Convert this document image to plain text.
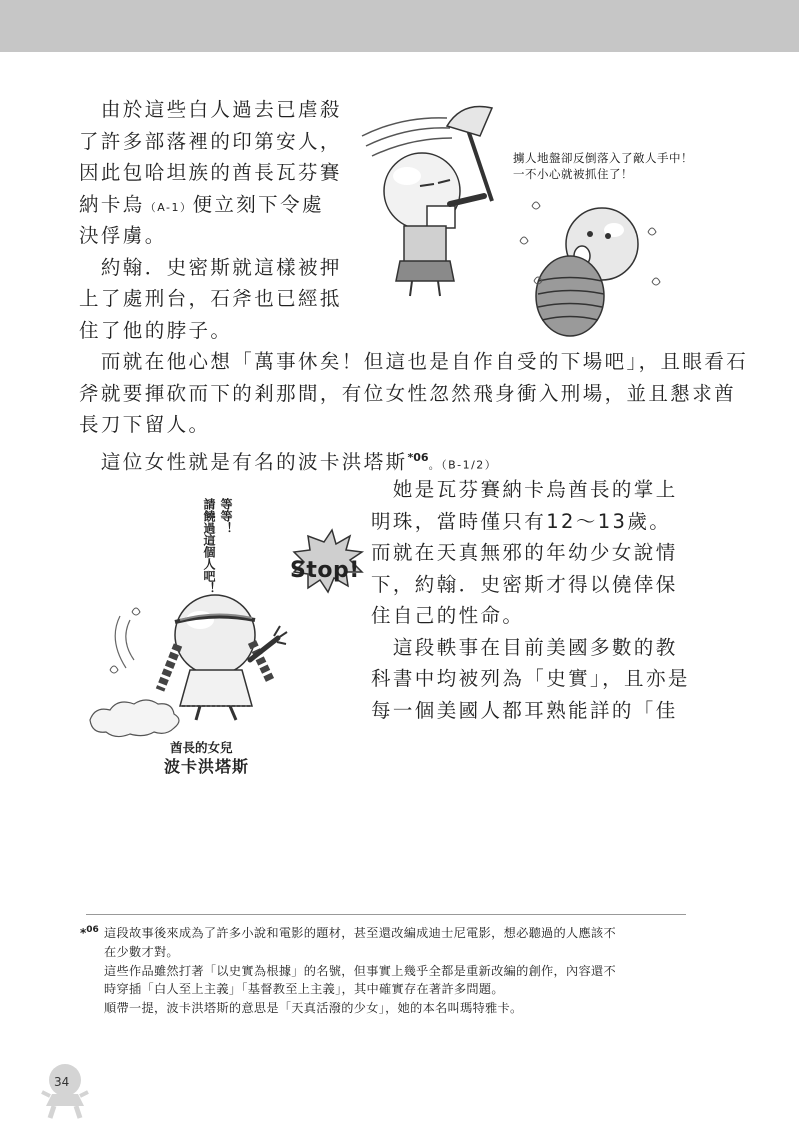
　由於這些白人過去已虐殺

了許多部落裡的印第安人，

因此包哈坦族的酋長瓦芬賽

納卡烏（A-1）便立刻下令處

決俘虜。

　約翰．史密斯就這樣被押

上了處刑台，石斧也已經抵

住了他的脖子。

擄人地盤卻反倒落入了敵人手中！
一不小心就被抓住了！

　而就在他心想「萬事休矣！但這也是自作自受的下場吧」，且眼看石

斧就要揮砍而下的剎那間，有位女性忽然飛身衝入刑場，並且懇求酋

長刀下留人。

　這位女性就是有名的波卡洪塔斯$^{*06}$。（B-1/2）

　她是瓦芬賽納卡烏酋長的掌上

明珠，當時僅只有12～13歲。

而就在天真無邪的年幼少女說情

下，約翰．史密斯才得以僥倖保

住自己的性命。

　這段軼事在目前美國多數的教

科書中均被列為「史實」，且亦是

每一個美國人都耳熟能詳的「佳

等等！
請饒過這個人吧！	Stop!
酋長的女兒
波卡洪塔斯
*$^{06}$ 這段故事後來成為了許多小說和電影的題材，甚至還改編成迪士尼電影，想必聽過的人應該不

在少數才對。

這些作品雖然打著「以史實為根據」的名號，但事實上幾乎全都是重新改編的創作，內容還不

時穿插「白人至上主義」「基督教至上主義」，其中確實存在著許多問題。

順帶一提，波卡洪塔斯的意思是「天真活潑的少女」，她的本名叫瑪特雅卡。

34
